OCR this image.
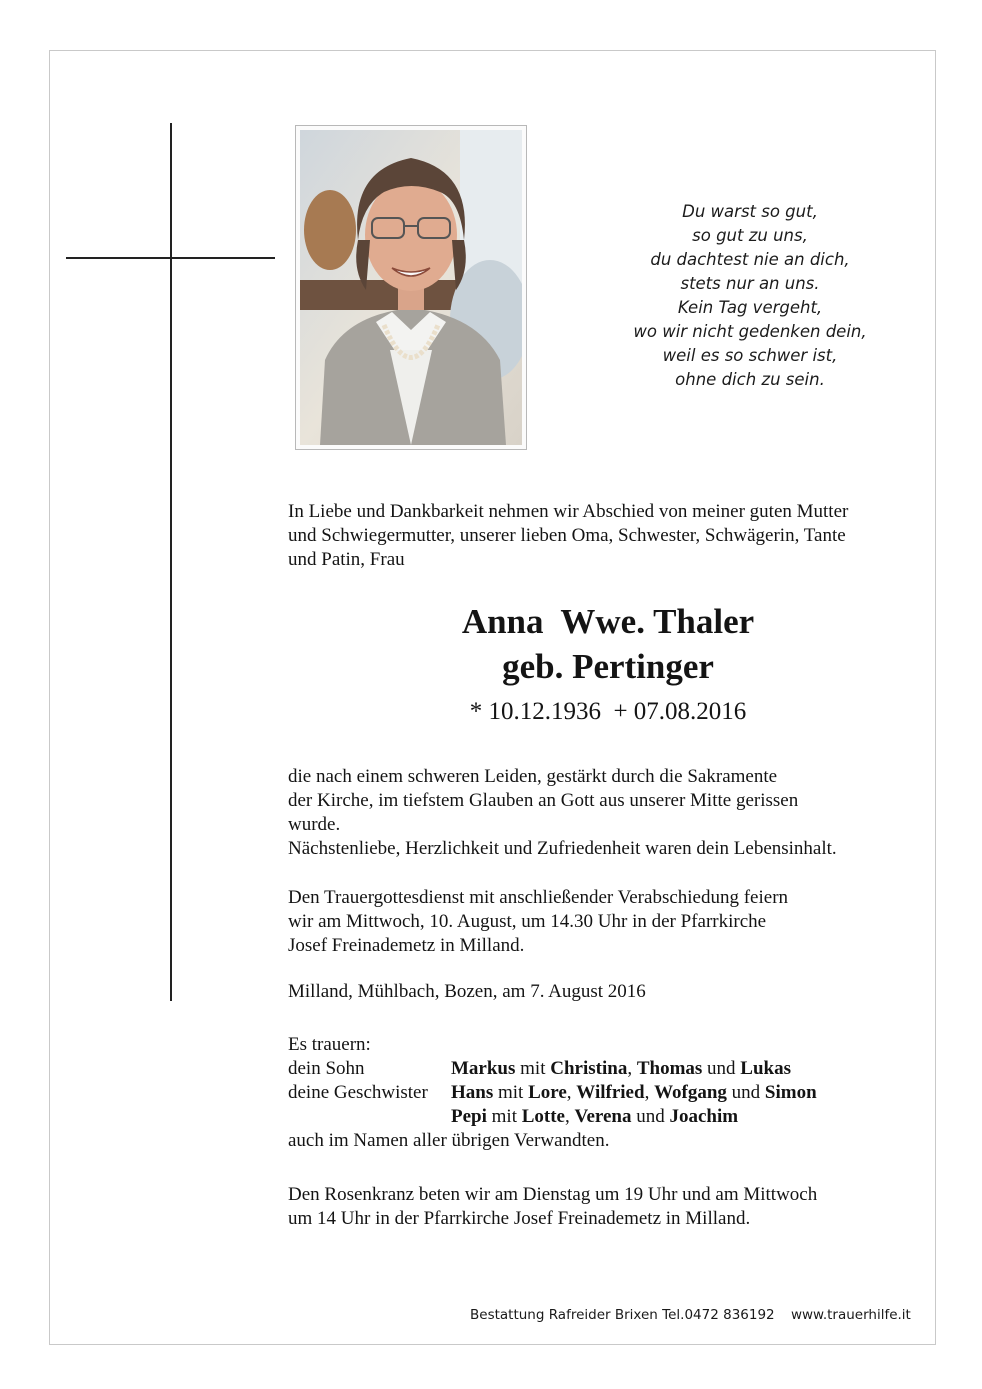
Du warst so gut,
so gut zu uns,
du dachtest nie an dich,
stets nur an uns.
Kein Tag vergeht,
wo wir nicht gedenken dein,
weil es so schwer ist,
ohne dich zu sein.
In Liebe und Dankbarkeit nehmen wir Abschied von meiner guten Mutter
und Schwiegermutter, unserer lieben Oma, Schwester, Schwägerin, Tante
und Patin, Frau
Anna  Wwe. Thaler
geb. Pertinger
* 10.12.1936  + 07.08.2016
die nach einem schweren Leiden, gestärkt durch die Sakramente
der Kirche, im tiefstem Glauben an Gott aus unserer Mitte gerissen
wurde.
Nächstenliebe, Herzlichkeit und Zufriedenheit waren dein Lebensinhalt.
Den Trauergottesdienst mit anschließender Verabschiedung feiern
wir am Mittwoch, 10. August, um 14.30 Uhr in der Pfarrkirche
Josef Freinademetz in Milland.
Milland, Mühlbach, Bozen, am 7. August 2016
Es trauern:
dein Sohn	Markus mit Christina, Thomas und Lukas
deine Geschwister Hans mit Lore, Wilfried, Wofgang und Simon
Pepi mit Lotte, Verena und Joachim
auch im Namen aller übrigen Verwandten.
Den Rosenkranz beten wir am Dienstag um 19 Uhr und am Mittwoch
um 14 Uhr in der Pfarrkirche Josef Freinademetz in Milland.
Bestattung Rafreider Brixen Tel.0472 836192 www.trauerhilfe.it
